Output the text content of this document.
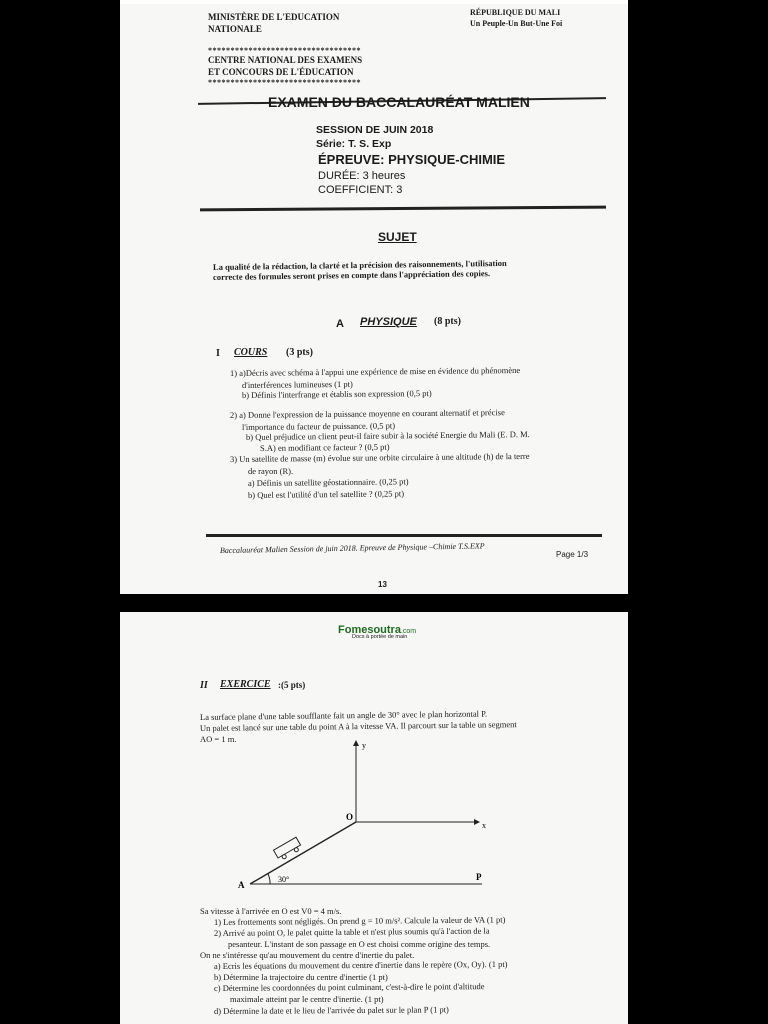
MINISTÈRE DE L'EDUCATION
NATIONALE
RÉPUBLIQUE DU MALI
Un Peuple-Un But-Une Foi
**********************************
CENTRE NATIONAL DES EXAMENS
ET CONCOURS DE L'ÉDUCATION
**********************************
EXAMEN DU BACCALAURÉAT MALIEN
SESSION DE JUIN 2018
Série: T. S. Exp
ÉPREUVE: PHYSIQUE-CHIMIE
DURÉE: 3 heures
COEFFICIENT: 3
SUJET
La qualité de la rédaction, la clarté et la précision des raisonnements, l'utilisation
correcte des formules seront prises en compte dans l'appréciation des copies.
A PHYSIQUE (8 pts)
I COURS (3 pts)
1) a)Décris avec schéma à l'appui une expérience de mise en évidence du phénomène
d'interférences lumineuses (1 pt)
b) Définis l'interfrange et établis son expression (0,5 pt)
2) a) Donne l'expression de la puissance moyenne en courant alternatif et précise
l'importance du facteur de puissance. (0,5 pt)
b) Quel préjudice un client peut-il faire subir à la société Energie du Mali (E. D. M.
S.A) en modifiant ce facteur ? (0,5 pt)
3) Un satellite de masse (m) évolue sur une orbite circulaire à une altitude (h) de la terre
de rayon (R).
a) Définis un satellite géostationnaire. (0,25 pt)
b) Quel est l'utilité d'un tel satellite ? (0,25 pt)
Baccalauréat Malien Session de juin 2018. Epreuve de Physique –Chimie T.S.EXP	Page 1/3
13
Fomesoutra.com
Docs à portée de main
II EXERCICE :(5 pts)
La surface plane d'une table soufflante fait un angle de 30° avec le plan horizontal P.
Un palet est lancé sur une table du point A à la vitesse VA. Il parcourt sur la table un segment
AO = 1 m.
y
x
O
A
P
30°
Sa vitesse à l'arrivée en O est V0 = 4 m/s.
1) Les frottements sont négligés. On prend g = 10 m/s². Calcule la valeur de VA (1 pt)
2) Arrivé au point O, le palet quitte la table et n'est plus soumis qu'à l'action de la
pesanteur. L'instant de son passage en O est choisi comme origine des temps.
On ne s'intéresse qu'au mouvement du centre d'inertie du palet.
a) Ecris les équations du mouvement du centre d'inertie dans le repère (Ox, Oy). (1 pt)
b) Détermine la trajectoire du centre d'inertie (1 pt)
c) Détermine les coordonnées du point culminant, c'est-à-dire le point d'altitude
maximale atteint par le centre d'inertie. (1 pt)
d) Détermine la date et le lieu de l'arrivée du palet sur le plan P (1 pt)
